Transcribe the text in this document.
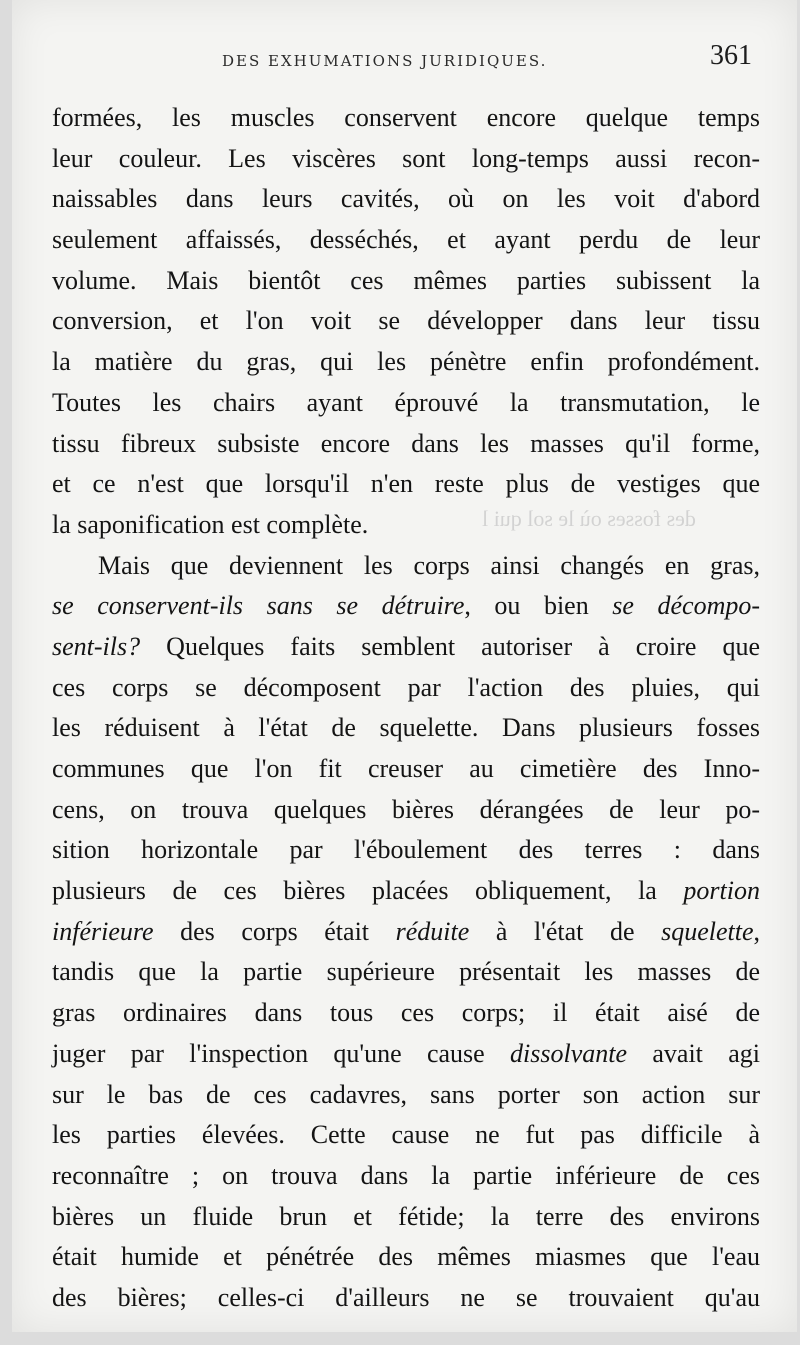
DES EXHUMATIONS JURIDIQUES.	361
des fosses où le sol qui l
formées, les muscles conservent encore quelque temps
leur couleur. Les viscères sont long-temps aussi recon-
naissables dans leurs cavités, où on les voit d'abord
seulement affaissés, desséchés, et ayant perdu de leur
volume. Mais bientôt ces mêmes parties subissent la
conversion, et l'on voit se développer dans leur tissu
la matière du gras, qui les pénètre enfin profondément.
Toutes les chairs ayant éprouvé la transmutation, le
tissu fibreux subsiste encore dans les masses qu'il forme,
et ce n'est que lorsqu'il n'en reste plus de vestiges que
la saponification est complète.
Mais que deviennent les corps ainsi changés en gras,
se conservent-ils sans se détruire, ou bien se décompo-
sent-ils? Quelques faits semblent autoriser à croire que
ces corps se décomposent par l'action des pluies, qui
les réduisent à l'état de squelette. Dans plusieurs fosses
communes que l'on fit creuser au cimetière des Inno-
cens, on trouva quelques bières dérangées de leur po-
sition horizontale par l'éboulement des terres : dans
plusieurs de ces bières placées obliquement, la portion
inférieure des corps était réduite à l'état de squelette,
tandis que la partie supérieure présentait les masses de
gras ordinaires dans tous ces corps; il était aisé de
juger par l'inspection qu'une cause dissolvante avait agi
sur le bas de ces cadavres, sans porter son action sur
les parties élevées. Cette cause ne fut pas difficile à
reconnaître ; on trouva dans la partie inférieure de ces
bières un fluide brun et fétide; la terre des environs
était humide et pénétrée des mêmes miasmes que l'eau
des bières; celles-ci d'ailleurs ne se trouvaient qu'au
